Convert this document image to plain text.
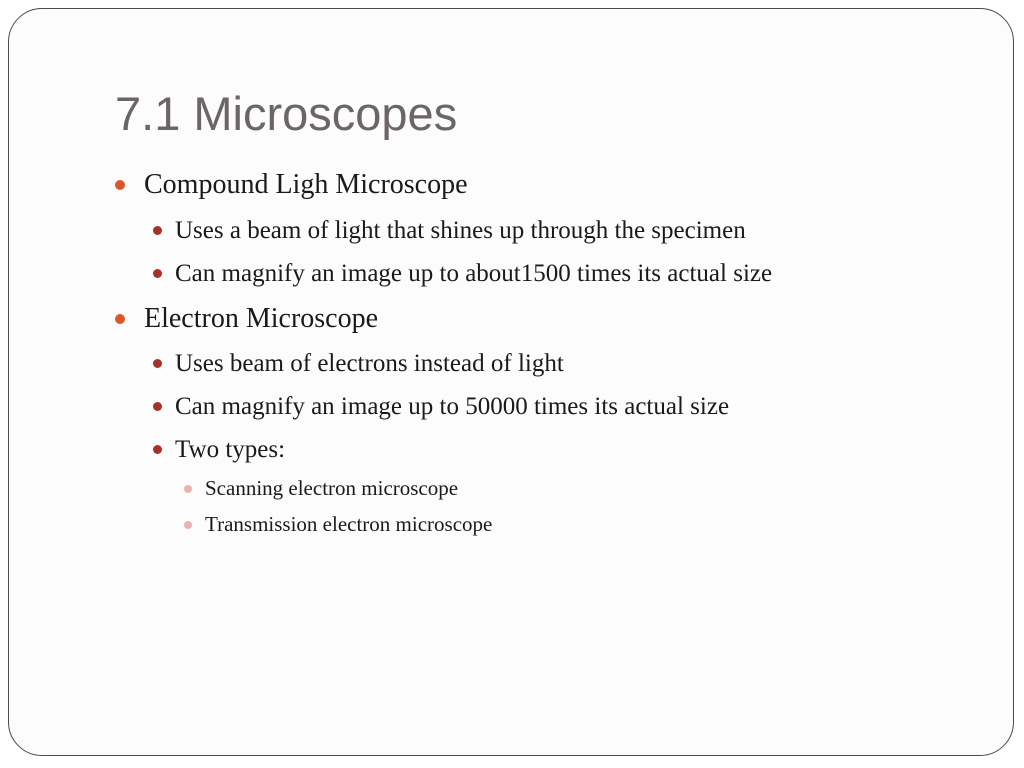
7.1 Microscopes
Compound Ligh Microscope
Uses a beam of light that shines up through the specimen
Can magnify an image up to about1500 times its actual size
Electron Microscope
Uses beam of electrons instead of light
Can magnify an image up to 50000 times its actual size
Two types:
Scanning electron microscope
Transmission electron microscope
